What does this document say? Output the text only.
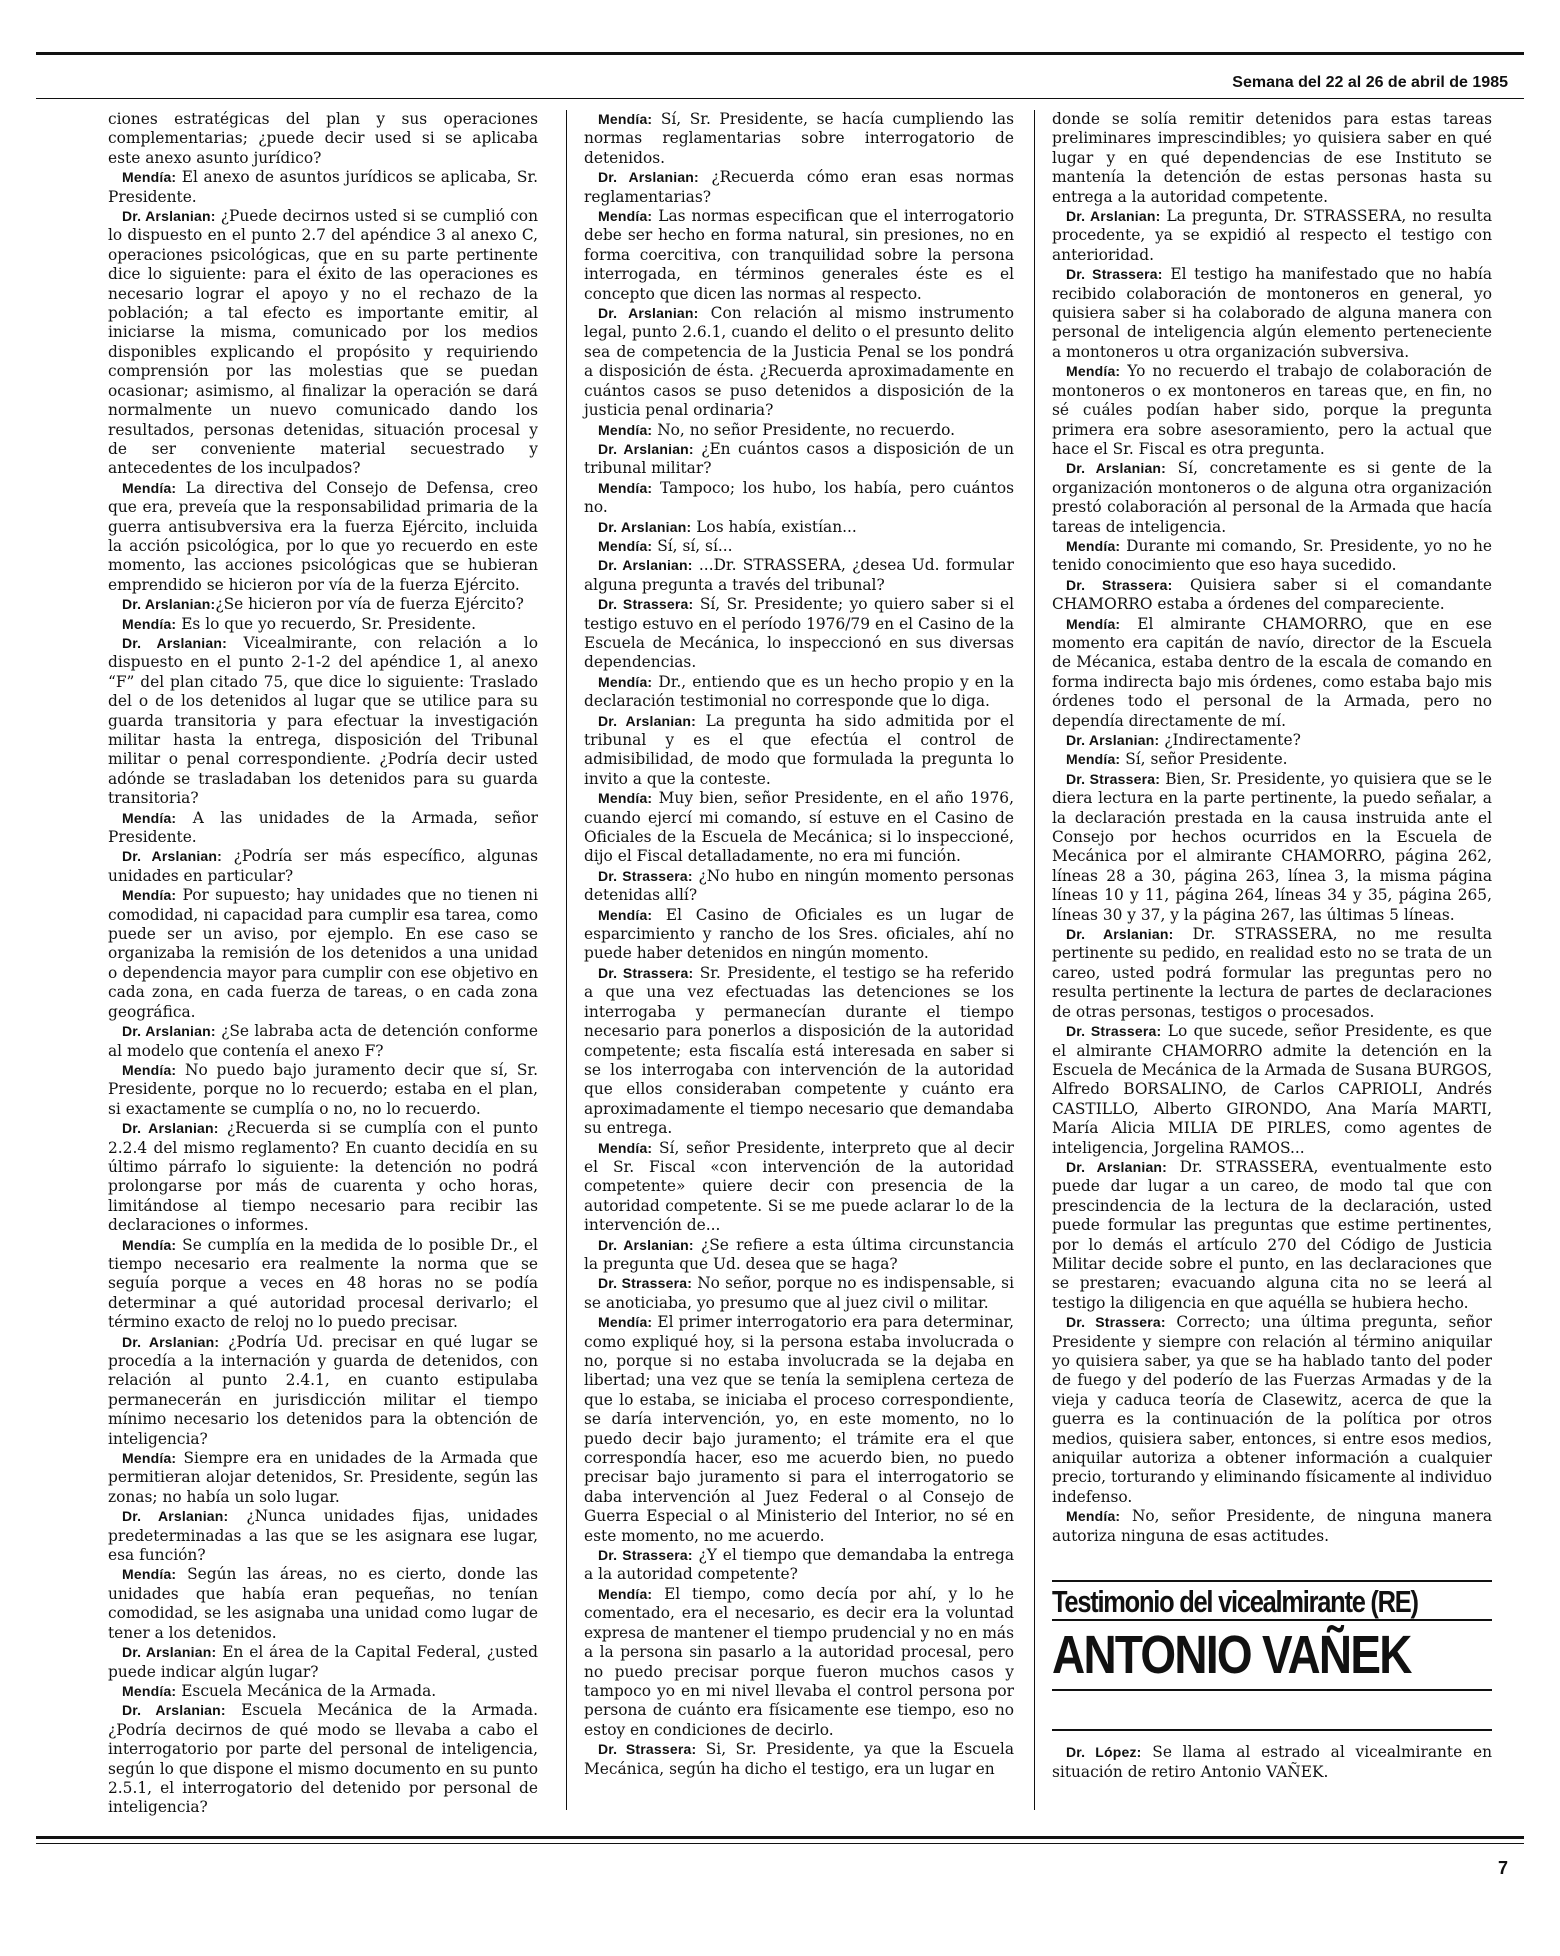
Semana del 22 al 26 de abril de 1985

ciones estratégicas del plan y sus operaciones complementarias; ¿puede decir used si se aplicaba este anexo asunto jurídico?

Mendía: El anexo de asuntos jurídicos se aplicaba, Sr. Presidente.

Dr. Arslanian: ¿Puede decirnos usted si se cumplió con lo dispuesto en el punto 2.7 del apéndice 3 al anexo C, operaciones psicológicas, que en su parte pertinente dice lo siguiente: para el éxito de las operaciones es necesario lograr el apoyo y no el rechazo de la población; a tal efecto es importante emitir, al iniciarse la misma, comunicado por los medios disponibles explicando el propósito y requiriendo comprensión por las molestias que se puedan ocasionar; asimismo, al finalizar la operación se dará normalmente un nuevo comunicado dando los resultados, personas detenidas, situación procesal y de ser conveniente material secuestrado y antecedentes de los inculpados?

Mendía: La directiva del Consejo de Defensa, creo que era, preveía que la responsabilidad primaria de la guerra antisubversiva era la fuerza Ejército, incluida la acción psicológica, por lo que yo recuerdo en este momento, las acciones psicológicas que se hubieran emprendido se hicieron por vía de la fuerza Ejército.

Dr. Arslanian:¿Se hicieron por vía de fuerza Ejército?

Mendía: Es lo que yo recuerdo, Sr. Presidente.

Dr. Arslanian: Vicealmirante, con relación a lo dispuesto en el punto 2-1-2 del apéndice 1, al anexo “F” del plan citado 75, que dice lo siguiente: Traslado del o de los detenidos al lugar que se utilice para su guarda transitoria y para efectuar la investigación militar hasta la entrega, disposición del Tribunal militar o penal correspondiente. ¿Podría decir usted adónde se trasladaban los detenidos para su guarda transitoria?

Mendía: A las unidades de la Armada, señor Presidente.

Dr. Arslanian: ¿Podría ser más específico, algunas unidades en particular?

Mendía: Por supuesto; hay unidades que no tienen ni comodidad, ni capacidad para cumplir esa tarea, como puede ser un aviso, por ejemplo. En ese caso se organizaba la remisión de los detenidos a una unidad o dependencia mayor para cumplir con ese objetivo en cada zona, en cada fuerza de tareas, o en cada zona geográfica.

Dr. Arslanian: ¿Se labraba acta de detención conforme al modelo que contenía el anexo F?

Mendía: No puedo bajo juramento decir que sí, Sr. Presidente, porque no lo recuerdo; estaba en el plan, si exactamente se cumplía o no, no lo recuerdo.

Dr. Arslanian: ¿Recuerda si se cumplía con el punto 2.2.4 del mismo reglamento? En cuanto decidía en su último párrafo lo siguiente: la detención no podrá prolongarse por más de cuarenta y ocho horas, limitándose al tiempo necesario para recibir las declaraciones o informes.

Mendía: Se cumplía en la medida de lo posible Dr., el tiempo necesario era realmente la norma que se seguía porque a veces en 48 horas no se podía determinar a qué autoridad procesal derivarlo; el término exacto de reloj no lo puedo precisar.

Dr. Arslanian: ¿Podría Ud. precisar en qué lugar se procedía a la internación y guarda de detenidos, con relación al punto 2.4.1, en cuanto estipulaba permanecerán en jurisdicción militar el tiempo mínimo necesario los detenidos para la obtención de inteligencia?

Mendía: Siempre era en unidades de la Armada que permitieran alojar detenidos, Sr. Presidente, según las zonas; no había un solo lugar.

Dr. Arslanian: ¿Nunca unidades fijas, unidades predeterminadas a las que se les asignara ese lugar, esa función?

Mendía: Según las áreas, no es cierto, donde las unidades que había eran pequeñas, no tenían comodidad, se les asignaba una unidad como lugar de tener a los detenidos.

Dr. Arslanian: En el área de la Capital Federal, ¿usted puede indicar algún lugar?

Mendía: Escuela Mecánica de la Armada.

Dr. Arslanian: Escuela Mecánica de la Armada. ¿Podría decirnos de qué modo se llevaba a cabo el interrogatorio por parte del personal de inteligencia, según lo que dispone el mismo documento en su punto 2.5.1, el interrogatorio del detenido por personal de inteligencia?

Mendía: Sí, Sr. Presidente, se hacía cumpliendo las normas reglamentarias sobre interrogatorio de detenidos.

Dr. Arslanian: ¿Recuerda cómo eran esas normas reglamentarias?

Mendía: Las normas especifican que el interrogatorio debe ser hecho en forma natural, sin presiones, no en forma coercitiva, con tranquilidad sobre la persona interrogada, en términos generales éste es el concepto que dicen las normas al respecto.

Dr. Arslanian: Con relación al mismo instrumento legal, punto 2.6.1, cuando el delito o el presunto delito sea de competencia de la Justicia Penal se los pondrá a disposición de ésta. ¿Recuerda aproximadamente en cuántos casos se puso detenidos a disposición de la justicia penal ordinaria?

Mendía: No, no señor Presidente, no recuerdo.

Dr. Arslanian: ¿En cuántos casos a disposición de un tribunal militar?

Mendía: Tampoco; los hubo, los había, pero cuántos no.

Dr. Arslanian: Los había, existían...

Mendía: Sí, sí, sí...

Dr. Arslanian: ...Dr. STRASSERA, ¿desea Ud. formular alguna pregunta a través del tribunal?

Dr. Strassera: Sí, Sr. Presidente; yo quiero saber si el testigo estuvo en el período 1976/79 en el Casino de la Escuela de Mecánica, lo inspeccionó en sus diversas dependencias.

Mendía: Dr., entiendo que es un hecho propio y en la declaración testimonial no corresponde que lo diga.

Dr. Arslanian: La pregunta ha sido admitida por el tribunal y es el que efectúa el control de admisibilidad, de modo que formulada la pregunta lo invito a que la conteste.

Mendía: Muy bien, señor Presidente, en el año 1976, cuando ejercí mi comando, sí estuve en el Casino de Oficiales de la Escuela de Mecánica; si lo inspeccioné, dijo el Fiscal detalladamente, no era mi función.

Dr. Strassera: ¿No hubo en ningún momento personas detenidas allí?

Mendía: El Casino de Oficiales es un lugar de esparcimiento y rancho de los Sres. oficiales, ahí no puede haber detenidos en ningún momento.

Dr. Strassera: Sr. Presidente, el testigo se ha referido a que una vez efectuadas las detenciones se los interrogaba y permanecían durante el tiempo necesario para ponerlos a disposición de la autoridad competente; esta fiscalía está interesada en saber si se los interrogaba con intervención de la autoridad que ellos consideraban competente y cuánto era aproximadamente el tiempo necesario que demandaba su entrega.

Mendía: Sí, señor Presidente, interpreto que al decir el Sr. Fiscal «con intervención de la autoridad competente» quiere decir con presencia de la autoridad competente. Si se me puede aclarar lo de la intervención de...

Dr. Arslanian: ¿Se refiere a esta última circunstancia la pregunta que Ud. desea que se haga?

Dr. Strassera: No señor, porque no es indispensable, si se anoticiaba, yo presumo que al juez civil o militar.

Mendía: El primer interrogatorio era para determinar, como expliqué hoy, si la persona estaba involucrada o no, porque si no estaba involucrada se la dejaba en libertad; una vez que se tenía la semiplena certeza de que lo estaba, se iniciaba el proceso correspondiente, se daría intervención, yo, en este momento, no lo puedo decir bajo juramento; el trámite era el que correspondía hacer, eso me acuerdo bien, no puedo precisar bajo juramento si para el interrogatorio se daba intervención al Juez Federal o al Consejo de Guerra Especial o al Ministerio del Interior, no sé en este momento, no me acuerdo.

Dr. Strassera: ¿Y el tiempo que demandaba la entrega a la autoridad competente?

Mendía: El tiempo, como decía por ahí, y lo he comentado, era el necesario, es decir era la voluntad expresa de mantener el tiempo prudencial y no en más a la persona sin pasarlo a la autoridad procesal, pero no puedo precisar porque fueron muchos casos y tampoco yo en mi nivel llevaba el control persona por persona de cuánto era físicamente ese tiempo, eso no estoy en condiciones de decirlo.

Dr. Strassera: Si, Sr. Presidente, ya que la Escuela Mecánica, según ha dicho el testigo, era un lugar en

donde se solía remitir detenidos para estas tareas preliminares imprescindibles; yo quisiera saber en qué lugar y en qué dependencias de ese Instituto se mantenía la detención de estas personas hasta su entrega a la autoridad competente.

Dr. Arslanian: La pregunta, Dr. STRASSERA, no resulta procedente, ya se expidió al respecto el testigo con anterioridad.

Dr. Strassera: El testigo ha manifestado que no había recibido colaboración de montoneros en general, yo quisiera saber si ha colaborado de alguna manera con personal de inteligencia algún elemento perteneciente a montoneros u otra organización subversiva.

Mendía: Yo no recuerdo el trabajo de colaboración de montoneros o ex montoneros en tareas que, en fin, no sé cuáles podían haber sido, porque la pregunta primera era sobre asesoramiento, pero la actual que hace el Sr. Fiscal es otra pregunta.

Dr. Arslanian: Sí, concretamente es si gente de la organización montoneros o de alguna otra organización prestó colaboración al personal de la Armada que hacía tareas de inteligencia.

Mendía: Durante mi comando, Sr. Presidente, yo no he tenido conocimiento que eso haya sucedido.

Dr. Strassera: Quisiera saber si el comandante CHAMORRO estaba a órdenes del compareciente.

Mendía: El almirante CHAMORRO, que en ese momento era capitán de navío, director de la Escuela de Mécanica, estaba dentro de la escala de comando en forma indirecta bajo mis órdenes, como estaba bajo mis órdenes todo el personal de la Armada, pero no dependía directamente de mí.

Dr. Arslanian: ¿Indirectamente?

Mendía: Sí, señor Presidente.

Dr. Strassera: Bien, Sr. Presidente, yo quisiera que se le diera lectura en la parte pertinente, la puedo señalar, a la declaración prestada en la causa instruida ante el Consejo por hechos ocurridos en la Escuela de Mecánica por el almirante CHAMORRO, página 262, líneas 28 a 30, página 263, línea 3, la misma página líneas 10 y 11, página 264, líneas 34 y 35, página 265, líneas 30 y 37, y la página 267, las últimas 5 líneas.

Dr. Arslanian: Dr. STRASSERA, no me resulta pertinente su pedido, en realidad esto no se trata de un careo, usted podrá formular las preguntas pero no resulta pertinente la lectura de partes de declaraciones de otras personas, testigos o procesados.

Dr. Strassera: Lo que sucede, señor Presidente, es que el almirante CHAMORRO admite la detención en la Escuela de Mecánica de la Armada de Susana BURGOS, Alfredo BORSALINO, de Carlos CAPRIOLI, Andrés CASTILLO, Alberto GIRONDO, Ana María MARTI, María Alicia MILIA DE PIRLES, como agentes de inteligencia, Jorgelina RAMOS...

Dr. Arslanian: Dr. STRASSERA, eventualmente esto puede dar lugar a un careo, de modo tal que con prescindencia de la lectura de la declaración, usted puede formular las preguntas que estime pertinentes, por lo demás el artículo 270 del Código de Justicia Militar decide sobre el punto, en las declaraciones que se prestaren; evacuando alguna cita no se leerá al testigo la diligencia en que aquélla se hubiera hecho.

Dr. Strassera: Correcto; una última pregunta, señor Presidente y siempre con relación al término aniquilar yo quisiera saber, ya que se ha hablado tanto del poder de fuego y del poderío de las Fuerzas Armadas y de la vieja y caduca teoría de Clasewitz, acerca de que la guerra es la continuación de la política por otros medios, quisiera saber, entonces, si entre esos medios, aniquilar autoriza a obtener información a cualquier precio, torturando y eliminando físicamente al individuo indefenso.

Mendía: No, señor Presidente, de ninguna manera autoriza ninguna de esas actitudes.

Testimonio del vicealmirante (RE)
ANTONIO VAÑEK

Dr. López: Se llama al estrado al vicealmirante en situación de retiro Antonio VAÑEK.

7
